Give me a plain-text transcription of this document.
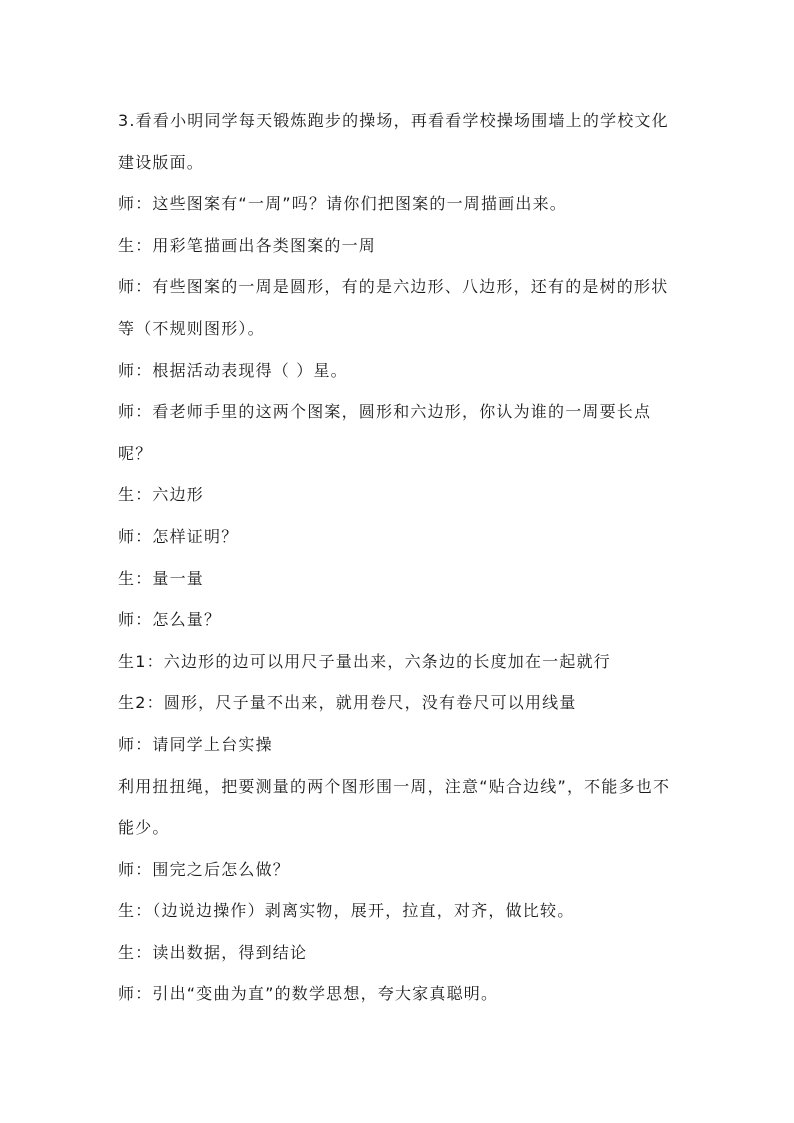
3.看看小明同学每天锻炼跑步的操场，再看看学校操场围墙上的学校文化建设版面。

师：这些图案有“一周”吗？请你们把图案的一周描画出来。

生：用彩笔描画出各类图案的一周

师：有些图案的一周是圆形，有的是六边形、八边形，还有的是树的形状等（不规则图形）。

师：根据活动表现得（ ）星。

师：看老师手里的这两个图案，圆形和六边形，你认为谁的一周要长点呢？

生：六边形

师：怎样证明？

生：量一量

师：怎么量？

生1：六边形的边可以用尺子量出来，六条边的长度加在一起就行

生2：圆形，尺子量不出来，就用卷尺，没有卷尺可以用线量

师：请同学上台实操

利用扭扭绳，把要测量的两个图形围一周，注意“贴合边线”，不能多也不能少。

师：围完之后怎么做？

生：（边说边操作）剥离实物，展开，拉直，对齐，做比较。

生：读出数据，得到结论

师：引出“变曲为直”的数学思想，夸大家真聪明。
